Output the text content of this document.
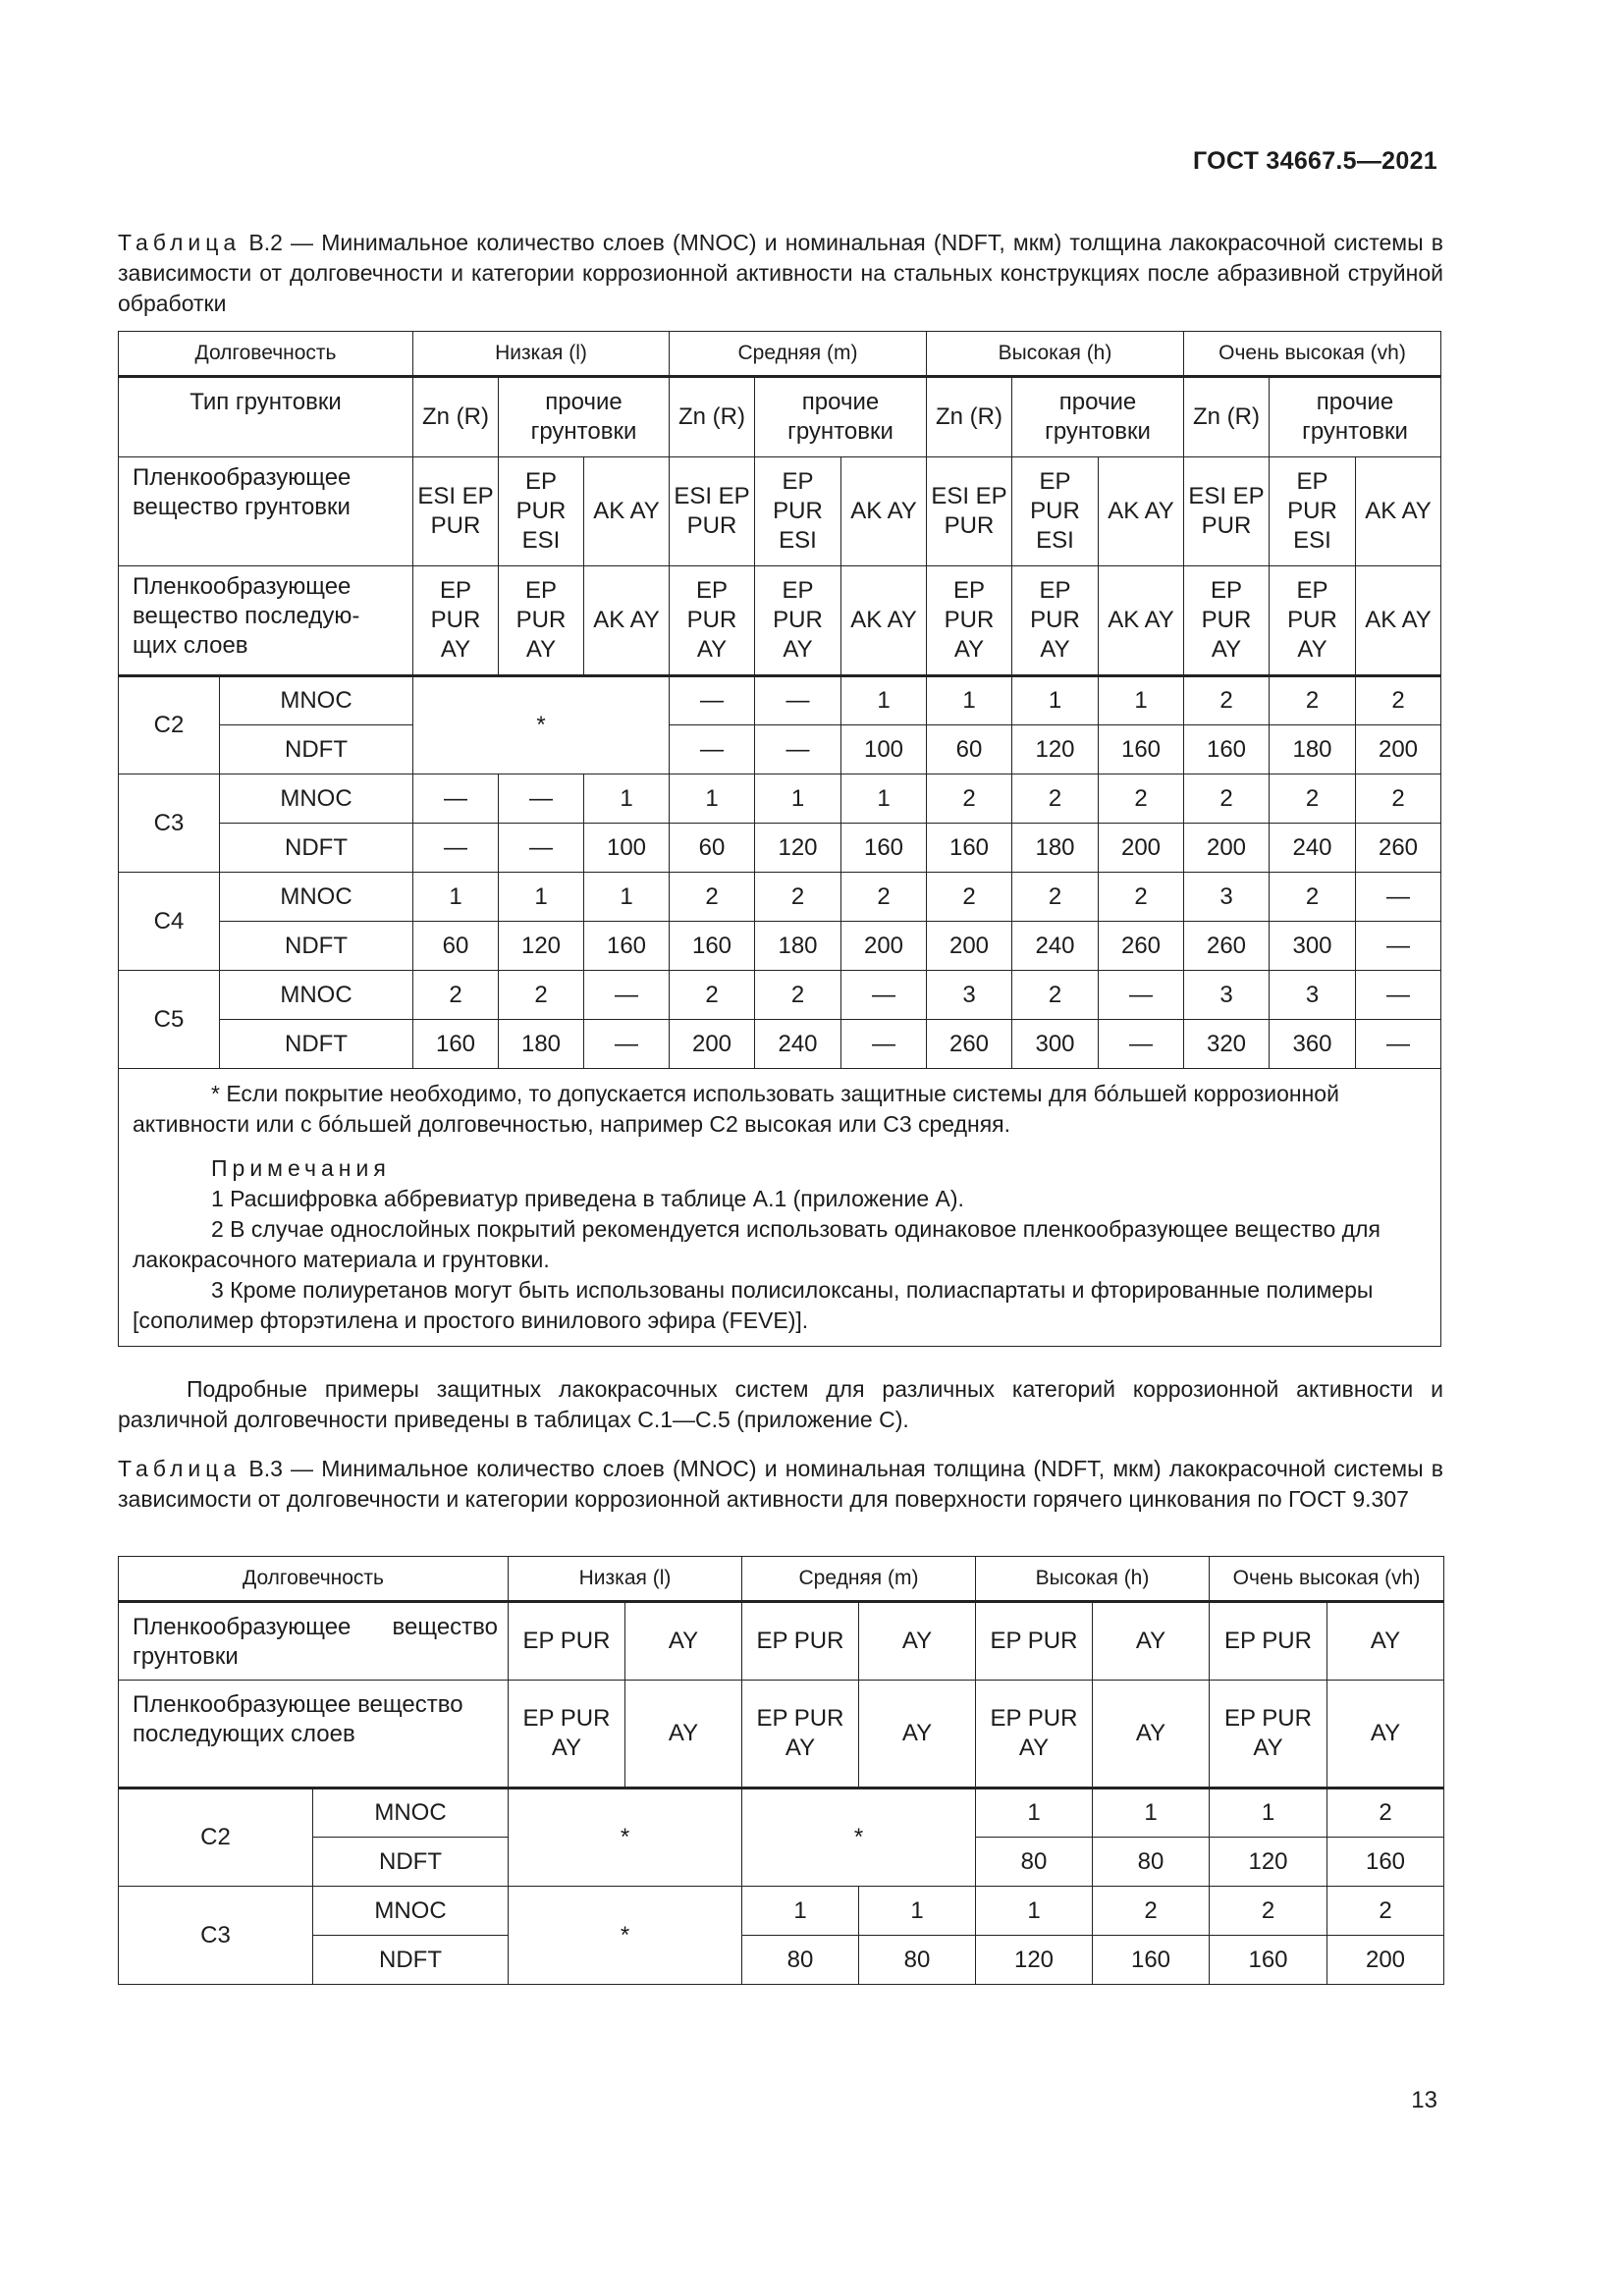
ГОСТ 34667.5—2021
Таблица В.2 — Минимальное количество слоев (MNOC) и номинальная (NDFT, мкм) толщина лакокрасочной системы в зависимости от долговечности и категории коррозионной активности на стальных конструкциях после абразивной струйной обработки
Долговечность		Низкая (l)			Средняя (m)			Высокая (h)			Очень высокая (vh)		
Тип грунтовки		Zn (R)	прочие грунтовки		Zn (R)	прочие грунтовки		Zn (R)	прочие грунтовки		Zn (R)	прочие грунтовки	
Пленкообразующее вещество грунтовки		ESI EP PUR	EP PUR ESI	AK AY	ESI EP PUR	EP PUR ESI	AK AY	ESI EP PUR	EP PUR ESI	AK AY	ESI EP PUR	EP PUR ESI	AK AY
Пленкообразующее вещество последую-щих слоев		EP PUR AY	EP PUR AY	AK AY	EP PUR AY	EP PUR AY	AK AY	EP PUR AY	EP PUR AY	AK AY	EP PUR AY	EP PUR AY	AK AY
C2	MNOC	*			—	—	1	1	1	1	2	2	2
	NDFT				—	—	100	60	120	160	160	180	200
C3	MNOC	—	—	1	1	1	1	2	2	2	2	2	2
	NDFT	—	—	100	60	120	160	160	180	200	200	240	260
C4	MNOC	1	1	1	2	2	2	2	2	2	3	2	—
	NDFT	60	120	160	160	180	200	200	240	260	260	300	—
C5	MNOC	2	2	—	2	2	—	3	2	—	3	3	—
	NDFT	160	180	—	200	240	—	260	300	—	320	360	—

* Если покрытие необходимо, то допускается использовать защитные системы для бóльшей коррозионной активности или с бóльшей долговечностью, например С2 высокая или С3 средняя.

Примечания

1 Расшифровка аббревиатур приведена в таблице А.1 (приложение А).

2 В случае однослойных покрытий рекомендуется использовать одинаковое пленкообразующее вещество для лакокрасочного материала и грунтовки.

3 Кроме полиуретанов могут быть использованы полисилоксаны, полиаспартаты и фторированные полимеры [сополимер фторэтилена и простого винилового эфира (FEVE)].													

Подробные примеры защитных лакокрасочных систем для различных категорий коррозионной активности и различной долговечности приведены в таблицах С.1—С.5 (приложение С).
Таблица В.3 — Минимальное количество слоев (MNOC) и номинальная толщина (NDFT, мкм) лакокрасочной системы в зависимости от долговечности и категории коррозионной активности для поверхности горячего цинкования по ГОСТ 9.307
Долговечность		Низкая (l)		Средняя (m)		Высокая (h)		Очень высокая (vh)	
Пленкообразующее вещество грунтовки		EP PUR	AY	EP PUR	AY	EP PUR	AY	EP PUR	AY
Пленкообразующее вещество последующих слоев		EP PUR AY	AY	EP PUR AY	AY	EP PUR AY	AY	EP PUR AY	AY
C2	MNOC	*		*		1	1	1	2
	NDFT					80	80	120	160
C3	MNOC	*		1	1	1	2	2	2
	NDFT			80	80	120	160	160	200
13
